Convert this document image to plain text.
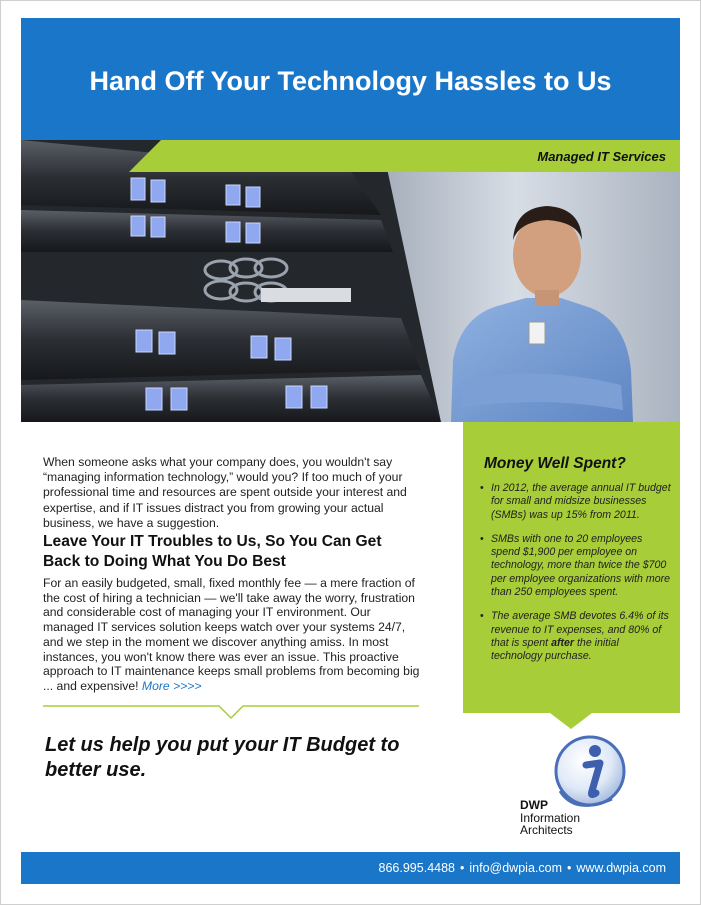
Hand Off Your Technology Hassles to Us
Managed IT Services

When someone asks what your company does, you wouldn't say “managing information technology,” would you? If too much of your professional time and resources are spent outside your interest and expertise, and if IT issues distract you from growing your actual business, we have a suggestion.

Leave Your IT Troubles to Us, So You Can Get Back to Doing What You Do Best

For an easily budgeted, small, fixed monthly fee — a mere fraction of the cost of hiring a technician — we'll take away the worry, frustration and considerable cost of managing your IT environment. Our managed IT services solution keeps watch over your systems 24/7, and we step in the moment we discover anything amiss. In most instances, you won't know there was ever an issue. This proactive approach to IT maintenance keeps small problems from becoming big ... and expensive! More >>>>

Let us help you put your IT Budget to better use.

Money Well Spent?
• In 2012, the average annual IT budget for small and midsize businesses (SMBs) was up 15% from 2011.
• SMBs with one to 20 employees spend $1,900 per employee on technology, more than twice the $700 per employee organizations with more than 250 employees spent.
• The average SMB devotes 6.4% of its revenue to IT expenses, and 80% of that is spent after the initial technology purchase.
DWP
Information
Architects
866.995.4488 • info@dwpia.com • www.dwpia.com
